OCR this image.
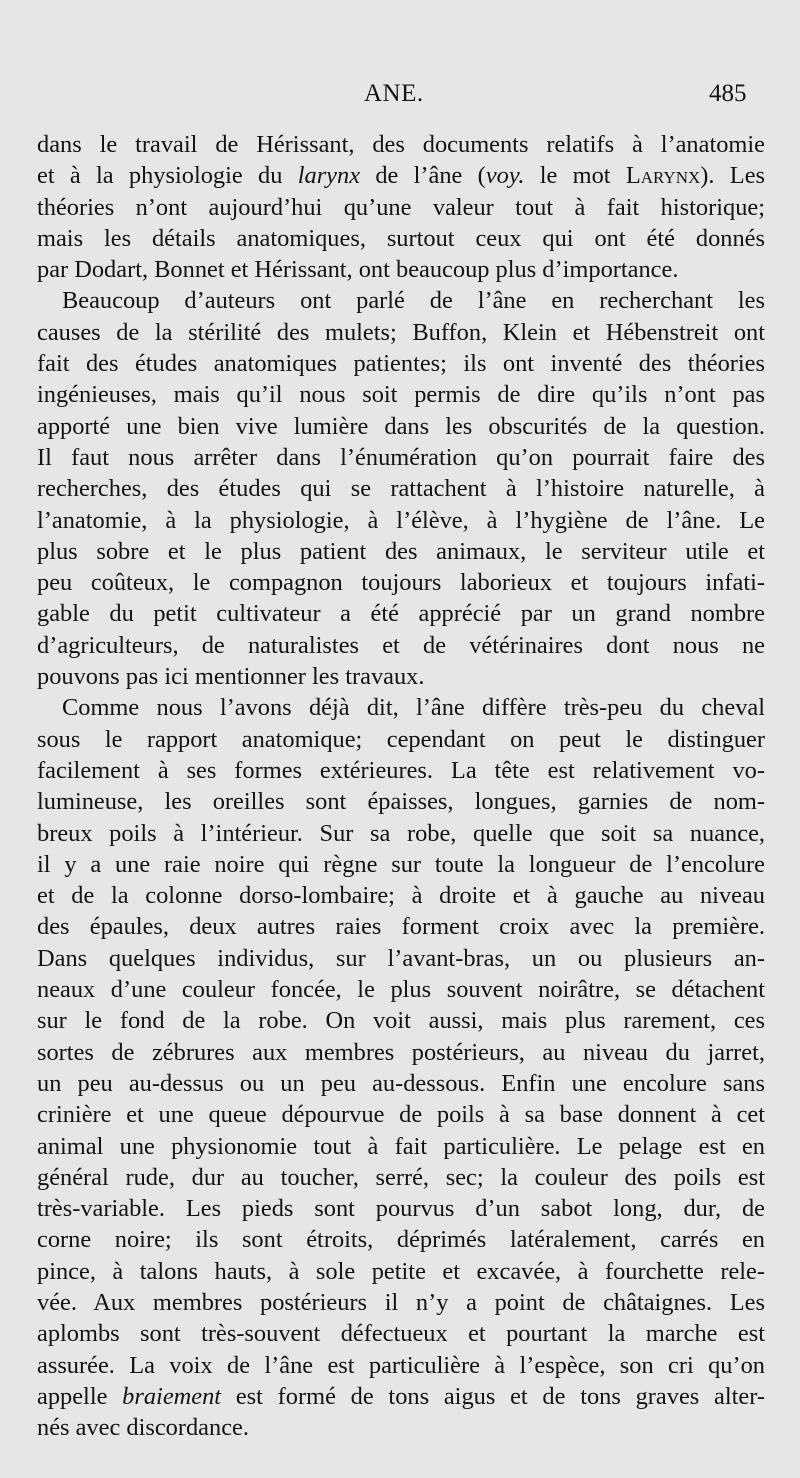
ANE.	485
dans le travail de Hérissant, des documents relatifs à l’anatomie
et à la physiologie du larynx de l’âne (voy. le mot Larynx). Les
théories n’ont aujourd’hui qu’une valeur tout à fait historique;
mais les détails anatomiques, surtout ceux qui ont été donnés
par Dodart, Bonnet et Hérissant, ont beaucoup plus d’importance.
Beaucoup d’auteurs ont parlé de l’âne en recherchant les
causes de la stérilité des mulets; Buffon, Klein et Hébenstreit ont
fait des études anatomiques patientes; ils ont inventé des théories
ingénieuses, mais qu’il nous soit permis de dire qu’ils n’ont pas
apporté une bien vive lumière dans les obscurités de la question.
Il faut nous arrêter dans l’énumération qu’on pourrait faire des
recherches, des études qui se rattachent à l’histoire naturelle, à
l’anatomie, à la physiologie, à l’élève, à l’hygiène de l’âne. Le
plus sobre et le plus patient des animaux, le serviteur utile et
peu coûteux, le compagnon toujours laborieux et toujours infati-
gable du petit cultivateur a été apprécié par un grand nombre
d’agriculteurs, de naturalistes et de vétérinaires dont nous ne
pouvons pas ici mentionner les travaux.
Comme nous l’avons déjà dit, l’âne diffère très-peu du cheval
sous le rapport anatomique; cependant on peut le distinguer
facilement à ses formes extérieures. La tête est relativement vo-
lumineuse, les oreilles sont épaisses, longues, garnies de nom-
breux poils à l’intérieur. Sur sa robe, quelle que soit sa nuance,
il y a une raie noire qui règne sur toute la longueur de l’encolure
et de la colonne dorso-lombaire; à droite et à gauche au niveau
des épaules, deux autres raies forment croix avec la première.
Dans quelques individus, sur l’avant-bras, un ou plusieurs an-
neaux d’une couleur foncée, le plus souvent noirâtre, se détachent
sur le fond de la robe. On voit aussi, mais plus rarement, ces
sortes de zébrures aux membres postérieurs, au niveau du jarret,
un peu au-dessus ou un peu au-dessous. Enfin une encolure sans
crinière et une queue dépourvue de poils à sa base donnent à cet
animal une physionomie tout à fait particulière. Le pelage est en
général rude, dur au toucher, serré, sec; la couleur des poils est
très-variable. Les pieds sont pourvus d’un sabot long, dur, de
corne noire; ils sont étroits, déprimés latéralement, carrés en
pince, à talons hauts, à sole petite et excavée, à fourchette rele-
vée. Aux membres postérieurs il n’y a point de châtaignes. Les
aplombs sont très-souvent défectueux et pourtant la marche est
assurée. La voix de l’âne est particulière à l’espèce, son cri qu’on
appelle braiement est formé de tons aigus et de tons graves alter-
nés avec discordance.
